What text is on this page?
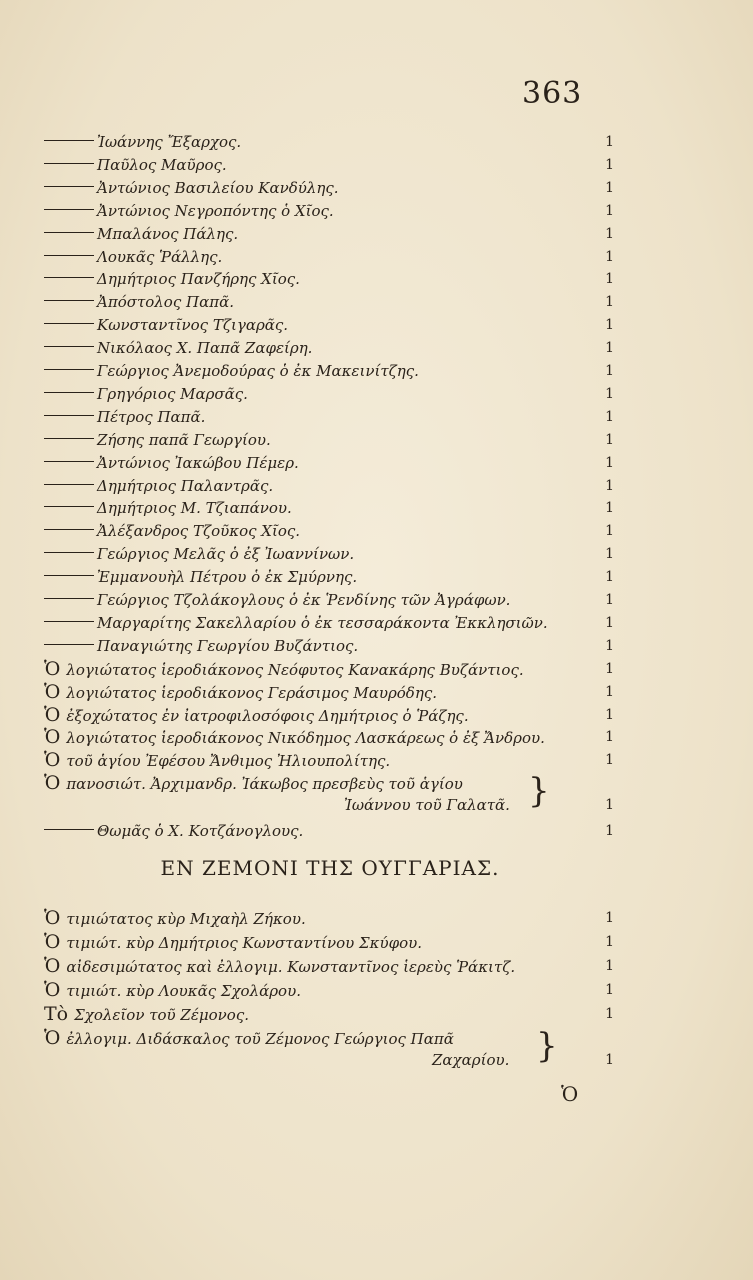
363
Ἰωάννης Ἔξαρχος.	1
Παῦλος Μαῦρος.	1
Ἀντώνιος Βασιλείου Κανδύλης.	1
Ἀντώνιος Νεγροπόντης ὁ Χῖος.	1
Μπαλάνος Πάλης.	1
Λουκᾶς Ῥάλλης.	1
Δημήτριος Πανζήρης Χῖος.	1
Ἀπόστολος Παπᾶ.	1
Κωνσταντῖνος Τζιγαρᾶς.	1
Νικόλαος Χ. Παπᾶ Ζαφείρη.	1
Γεώργιος Ἀνεμοδούρας ὁ ἐκ Μακεινίτζης.	1
Γρηγόριος Μαρσᾶς.	1
Πέτρος Παπᾶ.	1
Ζήσης παπᾶ Γεωργίου.	1
Ἀντώνιος Ἰακώβου Πέμερ.	1
Δημήτριος Παλαντρᾶς.	1
Δημήτριος Μ. Τζιαπάνου.	1
Ἀλέξανδρος Τζοῦκος Χῖος.	1
Γεώργιος Μελᾶς ὁ ἐξ Ἰωαννίνων.	1
Ἐμμανουὴλ Πέτρου ὁ ἐκ Σμύρνης.	1
Γεώργιος Τζολάκογλους ὁ ἐκ Ῥενδίνης τῶν Ἀγράφων.	1
Μαργαρίτης Σακελλαρίου ὁ ἐκ τεσσαράκοντα Ἐκκλησιῶν.	1
Παναγιώτης Γεωργίου Βυζάντιος.	1
Ὁ λογιώτατος ἱεροδιάκονος Νεόφυτος Κανακάρης Βυζάντιος.	1
Ὁ λογιώτατος ἱεροδιάκονος Γεράσιμος Μαυρόδης.	1
Ὁ ἐξοχώτατος ἐν ἰατροφιλοσόφοις Δημήτριος ὁ Ῥάζης.	1
Ὁ λογιώτατος ἱεροδιάκονος Νικόδημος Λασκάρεως ὁ ἐξ Ἄνδρου.	1
Ὁ τοῦ ἁγίου Ἐφέσου Ἄνθιμος Ἠλιουπολίτης.	1
Ὁ πανοσιώτ. Ἀρχιμανδρ. Ἰάκωβος πρεσβεὺς τοῦ ἁγίου
Ἰωάννου τοῦ Γαλατᾶ. }	1
Θωμᾶς ὁ Χ. Κοτζάνογλους.	1
ΕΝ ΖΕΜΟΝΙ ΤΗΣ ΟΥΓΓΑΡΙΑΣ.
Ὁ τιμιώτατος κὺρ Μιχαὴλ Ζήκου.	1
Ὁ τιμιώτ. κὺρ Δημήτριος Κωνσταντίνου Σκύφου.	1
Ὁ αἰδεσιμώτατος καὶ ἐλλογιμ. Κωνσταντῖνος ἱερεὺς Ῥάκιτζ.	1
Ὁ τιμιώτ. κὺρ Λουκᾶς Σχολάρου.	1
Τὸ Σχολεῖον τοῦ Ζέμονος.	1
Ὁ ἐλλογιμ. Διδάσκαλος τοῦ Ζέμονος Γεώργιος Παπᾶ
Ζαχαρίου. }	1
Ὁ
